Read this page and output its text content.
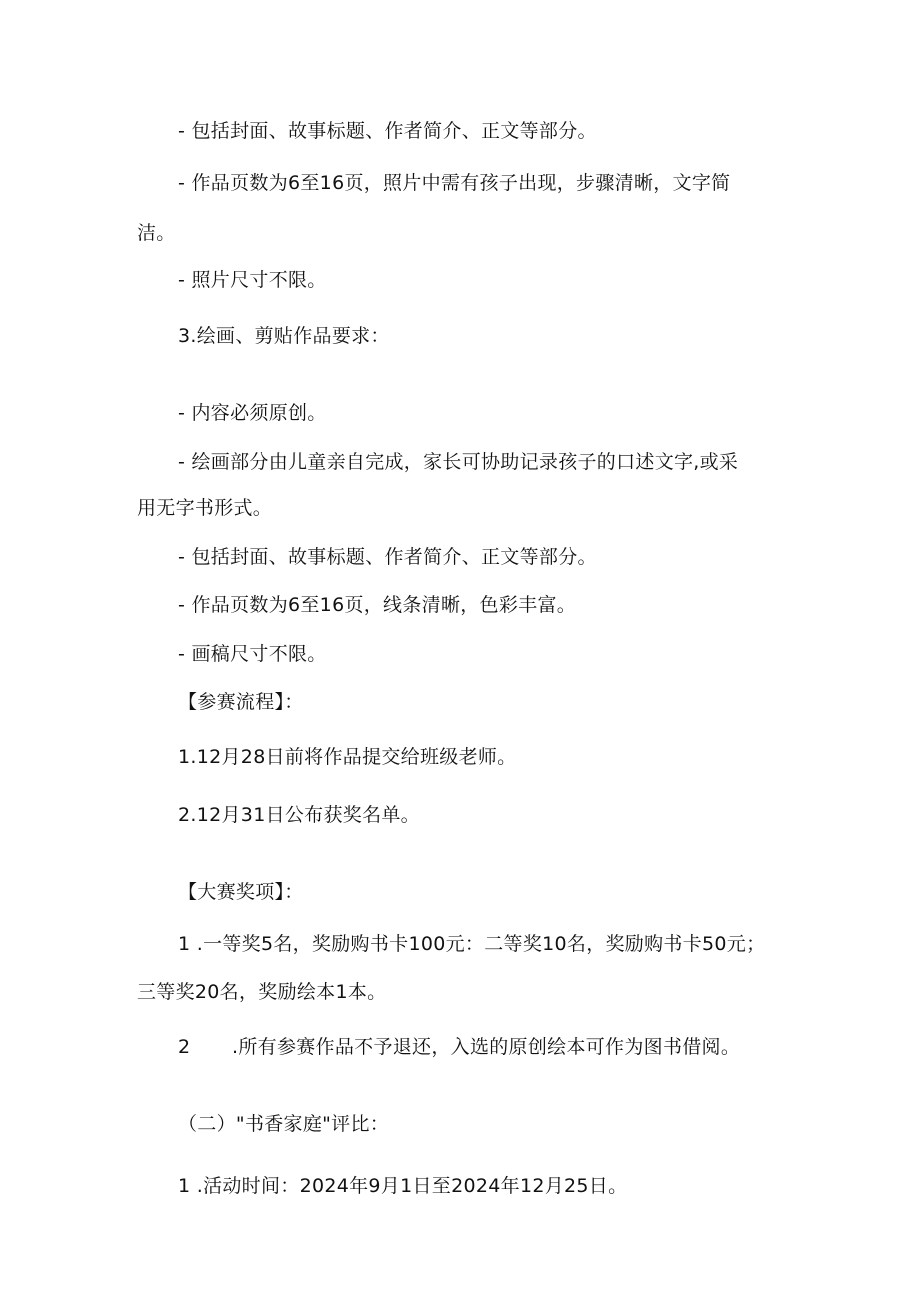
- 包括封面、故事标题、作者简介、正文等部分。
- 作品页数为6至16页，照片中需有孩子出现，步骤清晰，文字简
洁。
- 照片尺寸不限。
3.绘画、剪贴作品要求：
- 内容必须原创。
- 绘画部分由儿童亲自完成，家长可协助记录孩子的口述文字,或采
用无字书形式。
- 包括封面、故事标题、作者简介、正文等部分。
- 作品页数为6至16页，线条清晰，色彩丰富。
- 画稿尺寸不限。
【参赛流程】：
1.12月28日前将作品提交给班级老师。
2.12月31日公布获奖名单。
【大赛奖项】：
1 .一等奖5名，奖励购书卡100元：二等奖10名，奖励购书卡50元；
三等奖20名，奖励绘本1本。
2 .所有参赛作品不予退还，入选的原创绘本可作为图书借阅。
（二）"书香家庭"评比：
1 .活动时间：2024年9月1日至2024年12月25日。
